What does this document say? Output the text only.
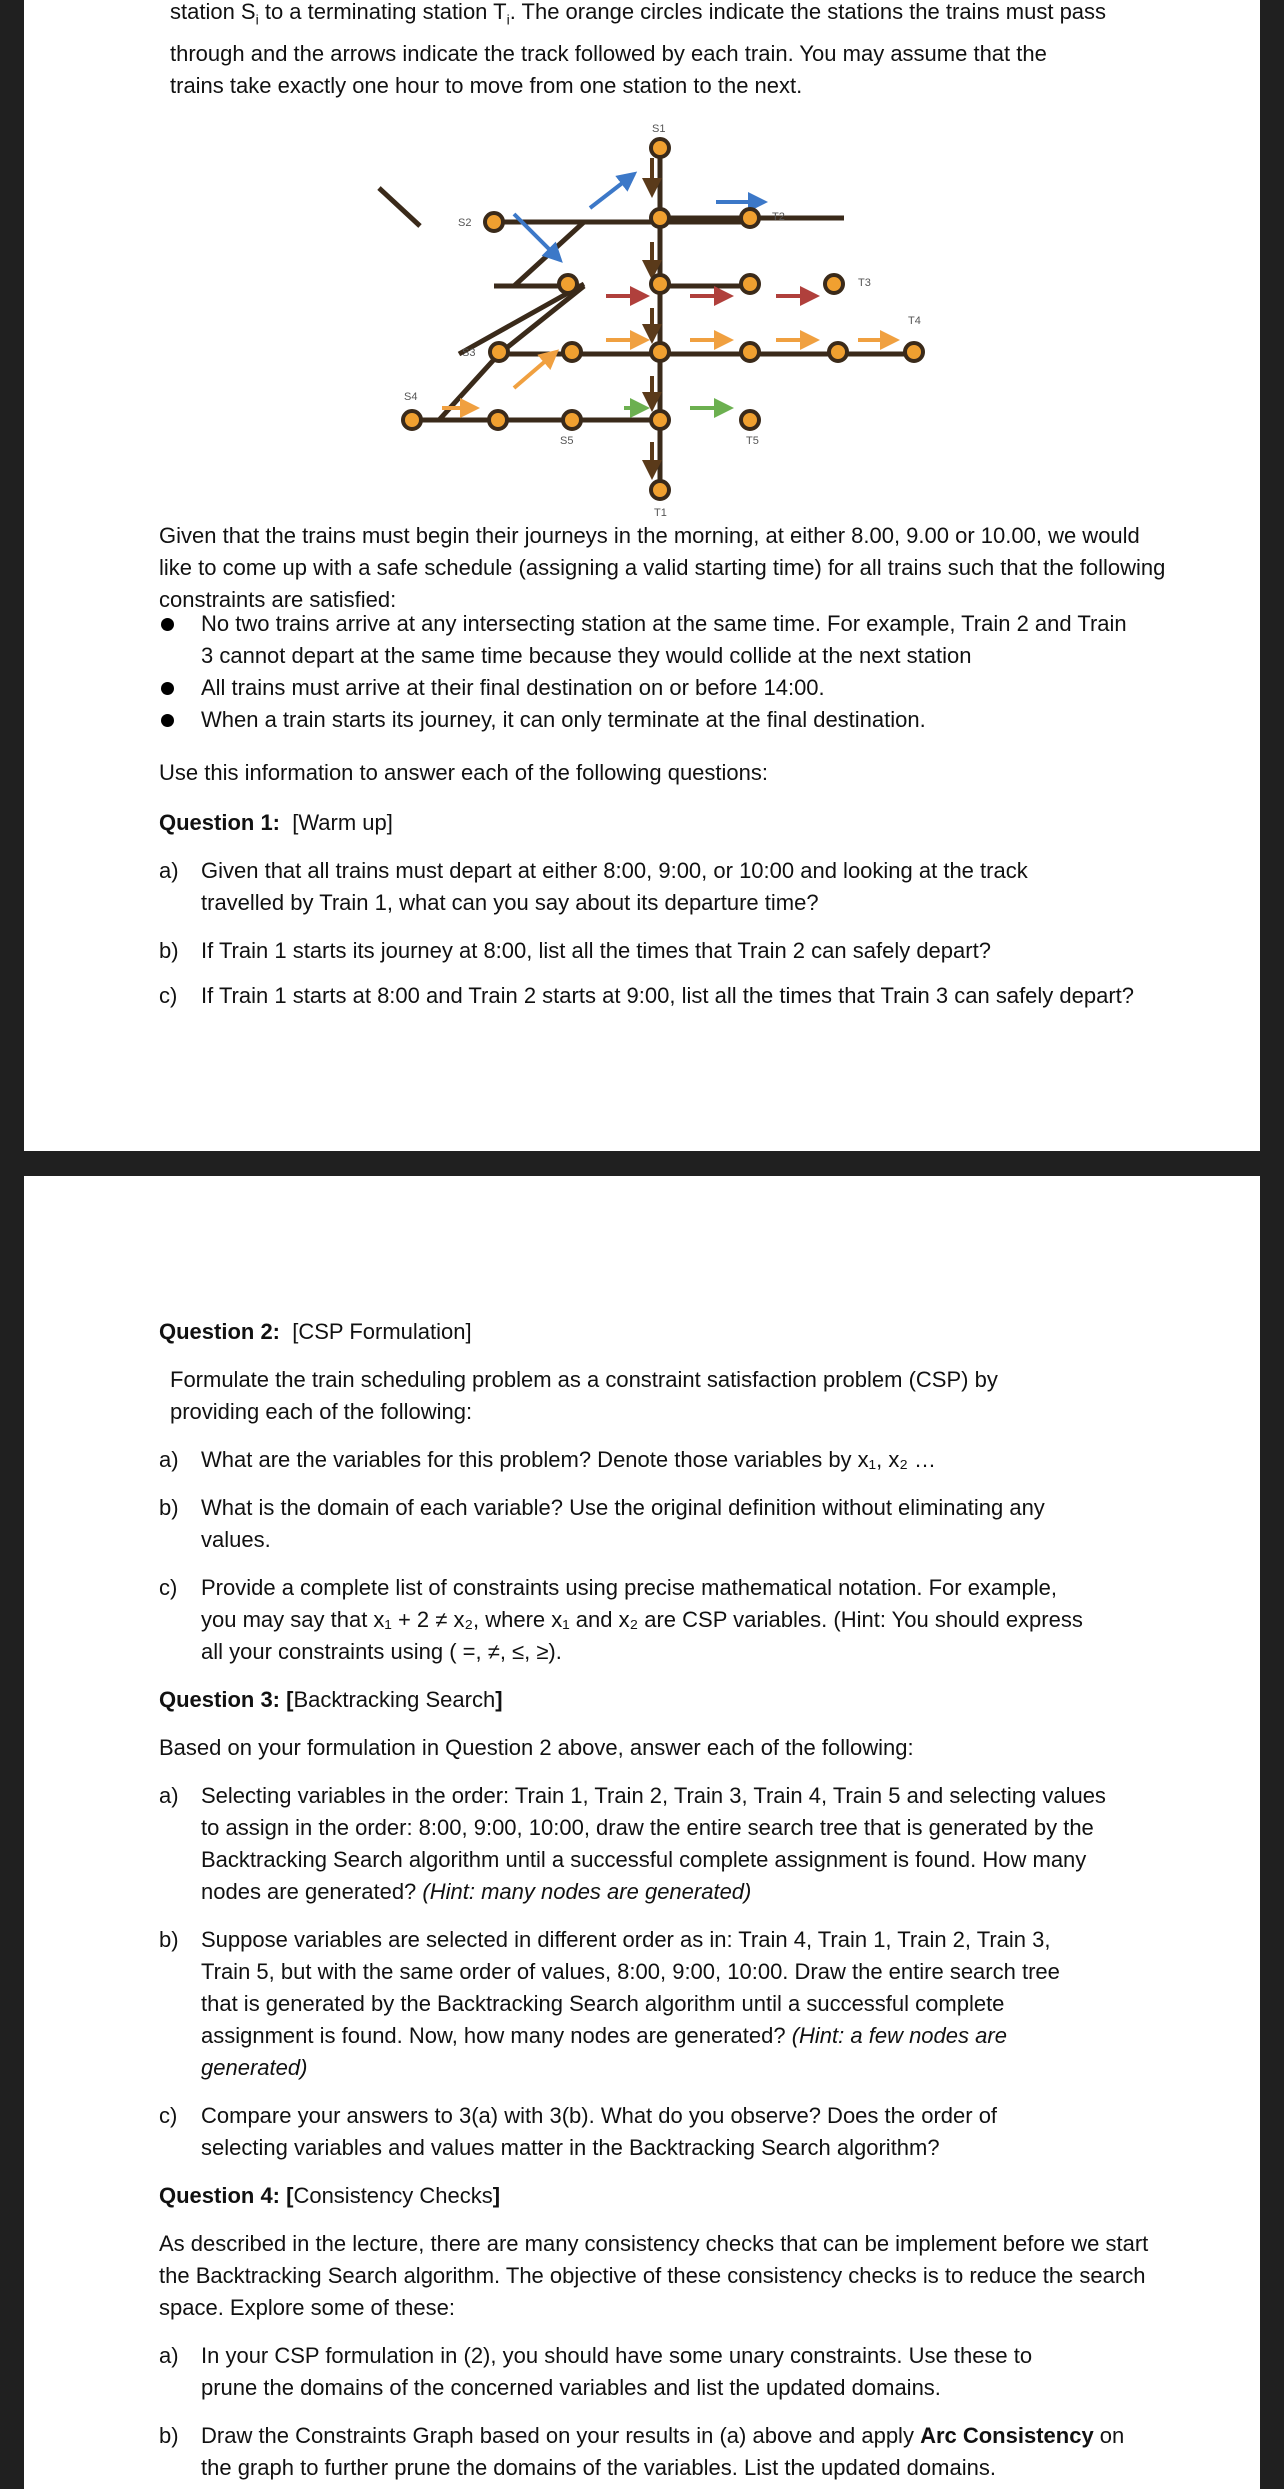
station $S_i$ to a terminating station $T_i$. The orange circles indicate the stations the trains must pass

through and the arrows indicate the track followed by each train. You may assume that the

trains take exactly one hour to move from one station to the next.

S1
S2
S3
S4
S5
T1
T2
T3
T4
T5

Given that the trains must begin their journeys in the morning, at either 8.00, 9.00 or 10.00, we would like to come up with a safe schedule (assigning a valid starting time) for all trains such that the following constraints are satisfied:

No two trains arrive at any intersecting station at the same time. For example, Train 2 and Train 3 cannot depart at the same time because they would collide at the next station

All trains must arrive at their final destination on or before 14:00.

When a train starts its journey, it can only terminate at the final destination.

Use this information to answer each of the following questions:

Question 1: [Warm up]

a) Given that all trains must depart at either 8:00, 9:00, or 10:00 and looking at the track travelled by Train 1, what can you say about its departure time?

b) If Train 1 starts its journey at 8:00, list all the times that Train 2 can safely depart?

c) If Train 1 starts at 8:00 and Train 2 starts at 9:00, list all the times that Train 3 can safely depart?

Question 2: [CSP Formulation]

Formulate the train scheduling problem as a constraint satisfaction problem (CSP) by providing each of the following:

a) What are the variables for this problem? Denote those variables by x₁, x₂ …

b) What is the domain of each variable? Use the original definition without eliminating any values.

c) Provide a complete list of constraints using precise mathematical notation. For example,

you may say that x₁ + 2 ≠ x₂, where x₁ and x₂ are CSP variables. (Hint: You should express

all your constraints using ( =, ≠, ≤, ≥).

Question 3: [Backtracking Search]

Based on your formulation in Question 2 above, answer each of the following:

a) Selecting variables in the order: Train 1, Train 2, Train 3, Train 4, Train 5 and selecting values to assign in the order: 8:00, 9:00, 10:00, draw the entire search tree that is generated by the Backtracking Search algorithm until a successful complete assignment is found. How many nodes are generated? (Hint: many nodes are generated)

b) Suppose variables are selected in different order as in: Train 4, Train 1, Train 2, Train 3, Train 5, but with the same order of values, 8:00, 9:00, 10:00. Draw the entire search tree that is generated by the Backtracking Search algorithm until a successful complete assignment is found. Now, how many nodes are generated? (Hint: a few nodes are generated)

c) Compare your answers to 3(a) with 3(b). What do you observe? Does the order of selecting variables and values matter in the Backtracking Search algorithm?

Question 4: [Consistency Checks]

As described in the lecture, there are many consistency checks that can be implement before we start the Backtracking Search algorithm. The objective of these consistency checks is to reduce the search space. Explore some of these:

a) In your CSP formulation in (2), you should have some unary constraints. Use these to prune the domains of the concerned variables and list the updated domains.

b) Draw the Constraints Graph based on your results in (a) above and apply Arc Consistency on the graph to further prune the domains of the variables. List the updated domains.
